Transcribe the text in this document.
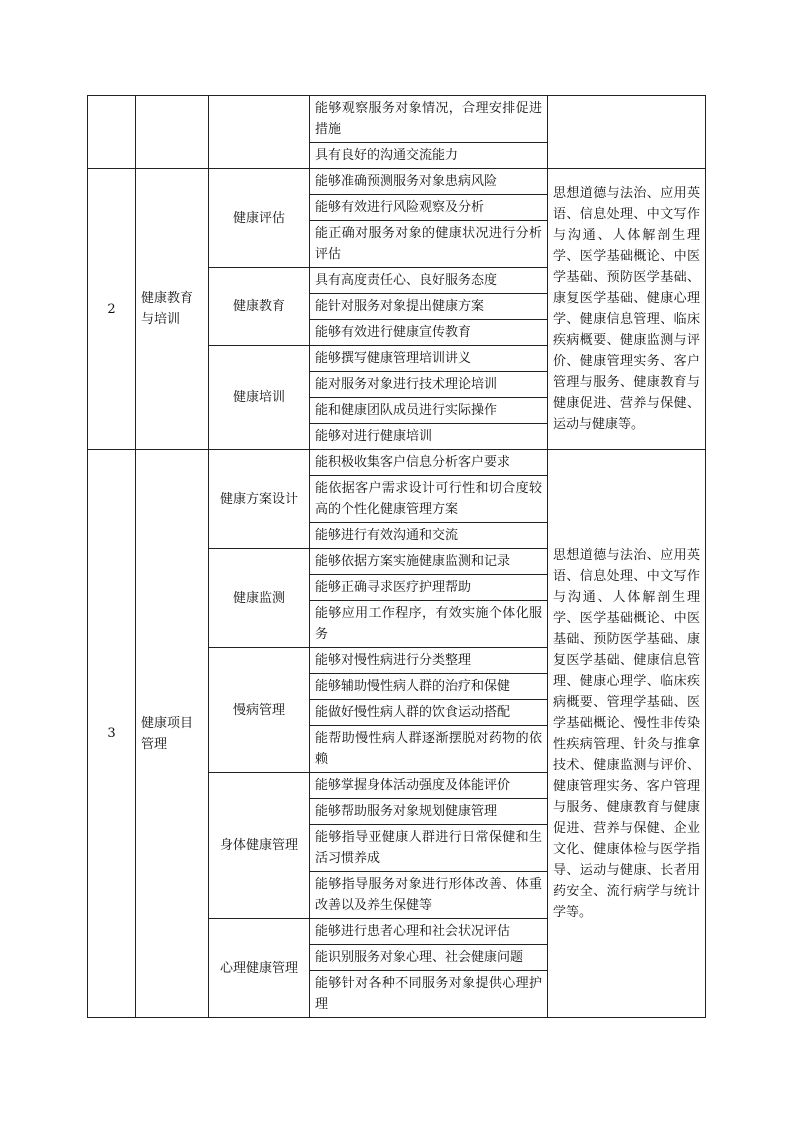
			能够观察服务对象情况，合理安排促进措施	
			具有良好的沟通交流能力	
2	健康教育与培训	健康评估	能够准确预测服务对象患病风险	思想道德与法治、应用英语、信息处理、中文写作与沟通、人体解剖生理学、医学基础概论、中医学基础、预防医学基础、康复医学基础、健康心理学、健康信息管理、临床疾病概要、健康监测与评价、健康管理实务、客户管理与服务、健康教育与健康促进、营养与保健、运动与健康等。
			能够有效进行风险观察及分析	
			能正确对服务对象的健康状况进行分析评估	
		健康教育	具有高度责任心、良好服务态度	
			能针对服务对象提出健康方案	
			能够有效进行健康宣传教育	
		健康培训	能够撰写健康管理培训讲义	
			能对服务对象进行技术理论培训	
			能和健康团队成员进行实际操作	
			能够对进行健康培训	
3	健康项目管理	健康方案设计	能积极收集客户信息分析客户要求	思想道德与法治、应用英语、信息处理、中文写作与沟通、人体解剖生理学、医学基础概论、中医基础、预防医学基础、康复医学基础、健康信息管理、健康心理学、临床疾病概要、管理学基础、医学基础概论、慢性非传染性疾病管理、针灸与推拿技术、健康监测与评价、健康管理实务、客户管理与服务、健康教育与健康促进、营养与保健、企业文化、健康体检与医学指导、运动与健康、长者用药安全、流行病学与统计学等。
			能依据客户需求设计可行性和切合度较高的个性化健康管理方案	
			能够进行有效沟通和交流	
		健康监测	能够依据方案实施健康监测和记录	
			能够正确寻求医疗护理帮助	
			能够应用工作程序，有效实施个体化服务	
		慢病管理	能够对慢性病进行分类整理	
			能够辅助慢性病人群的治疗和保健	
			能做好慢性病人群的饮食运动搭配	
			能帮助慢性病人群逐渐摆脱对药物的依赖	
		身体健康管理	能够掌握身体活动强度及体能评价	
			能够帮助服务对象规划健康管理	
			能够指导亚健康人群进行日常保健和生活习惯养成	
			能够指导服务对象进行形体改善、体重改善以及养生保健等	
		心理健康管理	能够进行患者心理和社会状况评估	
			能识别服务对象心理、社会健康问题	
			能够针对各种不同服务对象提供心理护理	
